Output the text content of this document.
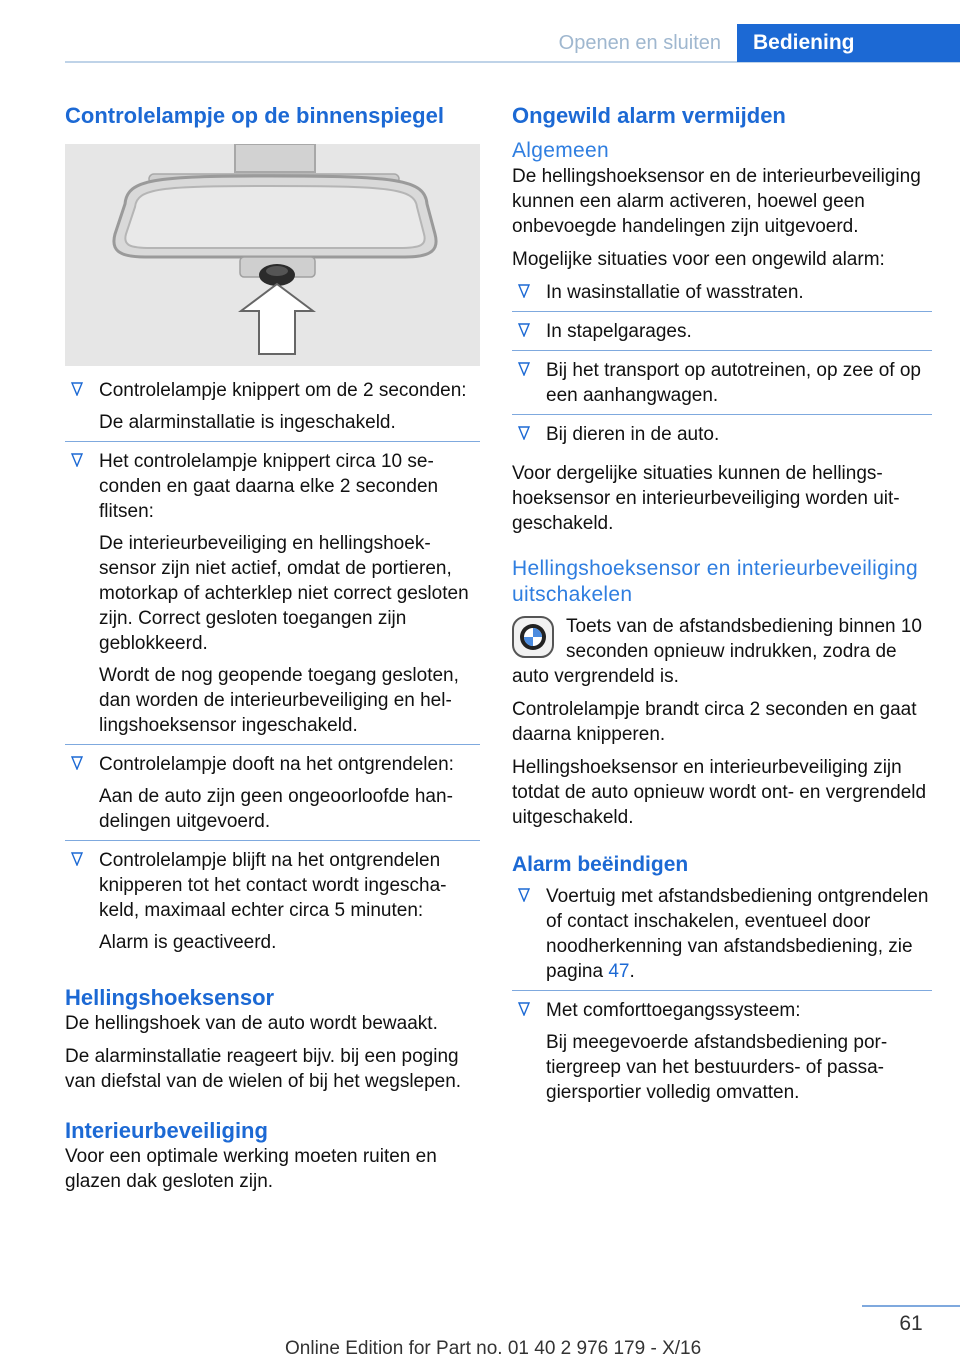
Openen en sluiten	Bediening
Controlelampje op de binnenspiegel

Controlelampje knippert om de 2 seconden:

De alarminstallatie is ingeschakeld.

Het controlelampje knippert circa 10 seconden en gaat daarna elke 2 seconden flitsen:

De interieurbeveiliging en hellingshoeksensor zijn niet actief, omdat de portieren, motorkap of achterklep niet correct gesloten zijn. Correct gesloten toegangen zijn geblokkeerd.

Wordt de nog geopende toegang gesloten, dan worden de interieurbeveiliging en hellingshoeksensor ingeschakeld.

Controlelampje dooft na het ontgrendelen:

Aan de auto zijn geen ongeoorloofde handelingen uitgevoerd.

Controlelampje blijft na het ontgrendelen knipperen tot het contact wordt ingeschakeld, maximaal echter circa 5 minuten:

Alarm is geactiveerd.

Hellingshoeksensor

De hellingshoek van de auto wordt bewaakt.

De alarminstallatie reageert bijv. bij een poging van diefstal van de wielen of bij het wegslepen.

Interieurbeveiliging

Voor een optimale werking moeten ruiten en glazen dak gesloten zijn.

Ongewild alarm vermijden
Algemeen

De hellingshoeksensor en de interieurbeveiliging kunnen een alarm activeren, hoewel geen onbevoegde handelingen zijn uitgevoerd.

Mogelijke situaties voor een ongewild alarm:

In wasinstallatie of wasstraten.

In stapelgarages.

Bij het transport op autotreinen, op zee of op een aanhangwagen.

Bij dieren in de auto.

Voor dergelijke situaties kunnen de hellingshoeksensor en interieurbeveiliging worden uitgeschakeld.

Hellingshoeksensor en interieurbeveiliging uitschakelen

Toets van de afstandsbediening binnen 10 seconden opnieuw indrukken, zodra de auto vergrendeld is.

Controlelampje brandt circa 2 seconden en gaat daarna knipperen.

Hellingshoeksensor en interieurbeveiliging zijn totdat de auto opnieuw wordt ont- en vergrendeld uitgeschakeld.

Alarm beëindigen

Voertuig met afstandsbediening ontgrendelen of contact inschakelen, eventueel door noodherkenning van afstandsbediening, zie pagina 47.

Met comforttoegangssysteem:

Bij meegevoerde afstandsbediening portiergreep van het bestuurders- of passagiersportier volledig omvatten.

61
Online Edition for Part no. 01 40 2 976 179 - X/16
